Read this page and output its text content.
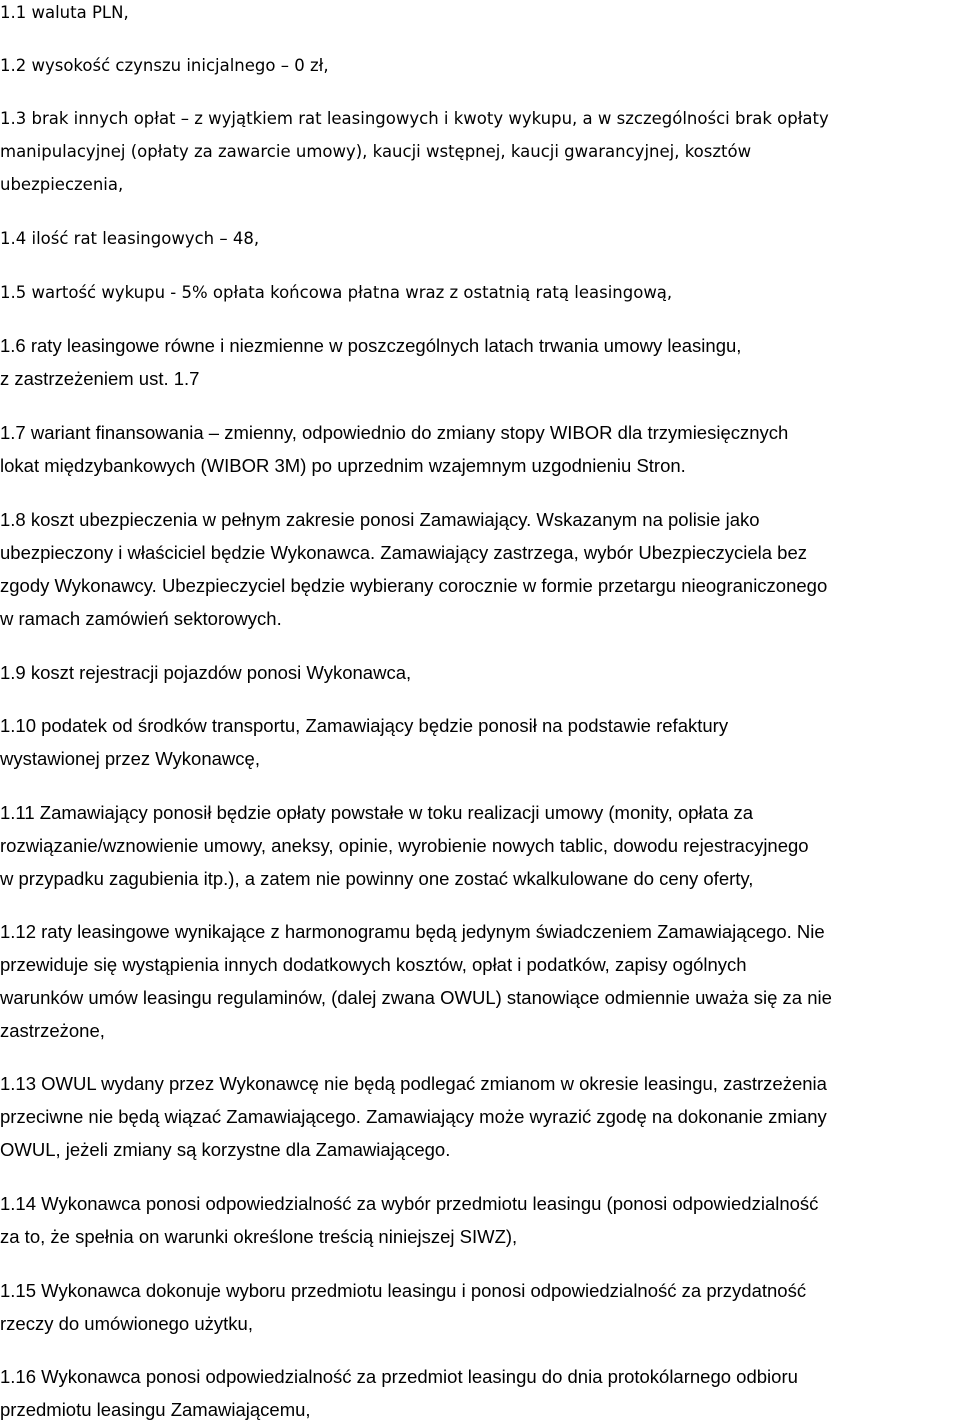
1.1 waluta PLN,

1.2 wysokość czynszu inicjalnego – 0 zł,

1.3 brak innych opłat – z wyjątkiem rat leasingowych i kwoty wykupu, a w szczególności brak opłaty
manipulacyjnej (opłaty za zawarcie umowy), kaucji wstępnej, kaucji gwarancyjnej, kosztów
ubezpieczenia,

1.4 ilość rat leasingowych – 48,

1.5 wartość wykupu - 5% opłata końcowa płatna wraz z ostatnią ratą leasingową,

1.6 raty leasingowe równe i niezmienne w poszczególnych latach trwania umowy leasingu,
z zastrzeżeniem ust. 1.7

1.7 wariant finansowania – zmienny, odpowiednio do zmiany stopy WIBOR dla trzymiesięcznych
lokat międzybankowych (WIBOR 3M) po uprzednim wzajemnym uzgodnieniu Stron.

1.8 koszt ubezpieczenia w pełnym zakresie ponosi Zamawiający. Wskazanym na polisie jako
ubezpieczony i właściciel będzie Wykonawca. Zamawiający zastrzega, wybór Ubezpieczyciela bez
zgody Wykonawcy. Ubezpieczyciel będzie wybierany corocznie w formie przetargu nieograniczonego
w ramach zamówień sektorowych.

1.9 koszt rejestracji pojazdów ponosi Wykonawca,

1.10 podatek od środków transportu, Zamawiający będzie ponosił na podstawie refaktury
wystawionej przez Wykonawcę,

1.11 Zamawiający ponosił będzie opłaty powstałe w toku realizacji umowy (monity, opłata za
rozwiązanie/wznowienie umowy, aneksy, opinie, wyrobienie nowych tablic, dowodu rejestracyjnego
w przypadku zagubienia itp.), a zatem nie powinny one zostać wkalkulowane do ceny oferty,

1.12 raty leasingowe wynikające z harmonogramu będą jedynym świadczeniem Zamawiającego. Nie
przewiduje się wystąpienia innych dodatkowych kosztów, opłat i podatków, zapisy ogólnych
warunków umów leasingu regulaminów, (dalej zwana OWUL) stanowiące odmiennie uważa się za nie
zastrzeżone,

1.13 OWUL wydany przez Wykonawcę nie będą podlegać zmianom w okresie leasingu, zastrzeżenia
przeciwne nie będą wiązać Zamawiającego. Zamawiający może wyrazić zgodę na dokonanie zmiany
OWUL, jeżeli zmiany są korzystne dla Zamawiającego.

1.14 Wykonawca ponosi odpowiedzialność za wybór przedmiotu leasingu (ponosi odpowiedzialność
za to, że spełnia on warunki określone treścią niniejszej SIWZ),

1.15 Wykonawca dokonuje wyboru przedmiotu leasingu i ponosi odpowiedzialność za przydatność
rzeczy do umówionego użytku,

1.16 Wykonawca ponosi odpowiedzialność za przedmiot leasingu do dnia protokólarnego odbioru
przedmiotu leasingu Zamawiającemu,
